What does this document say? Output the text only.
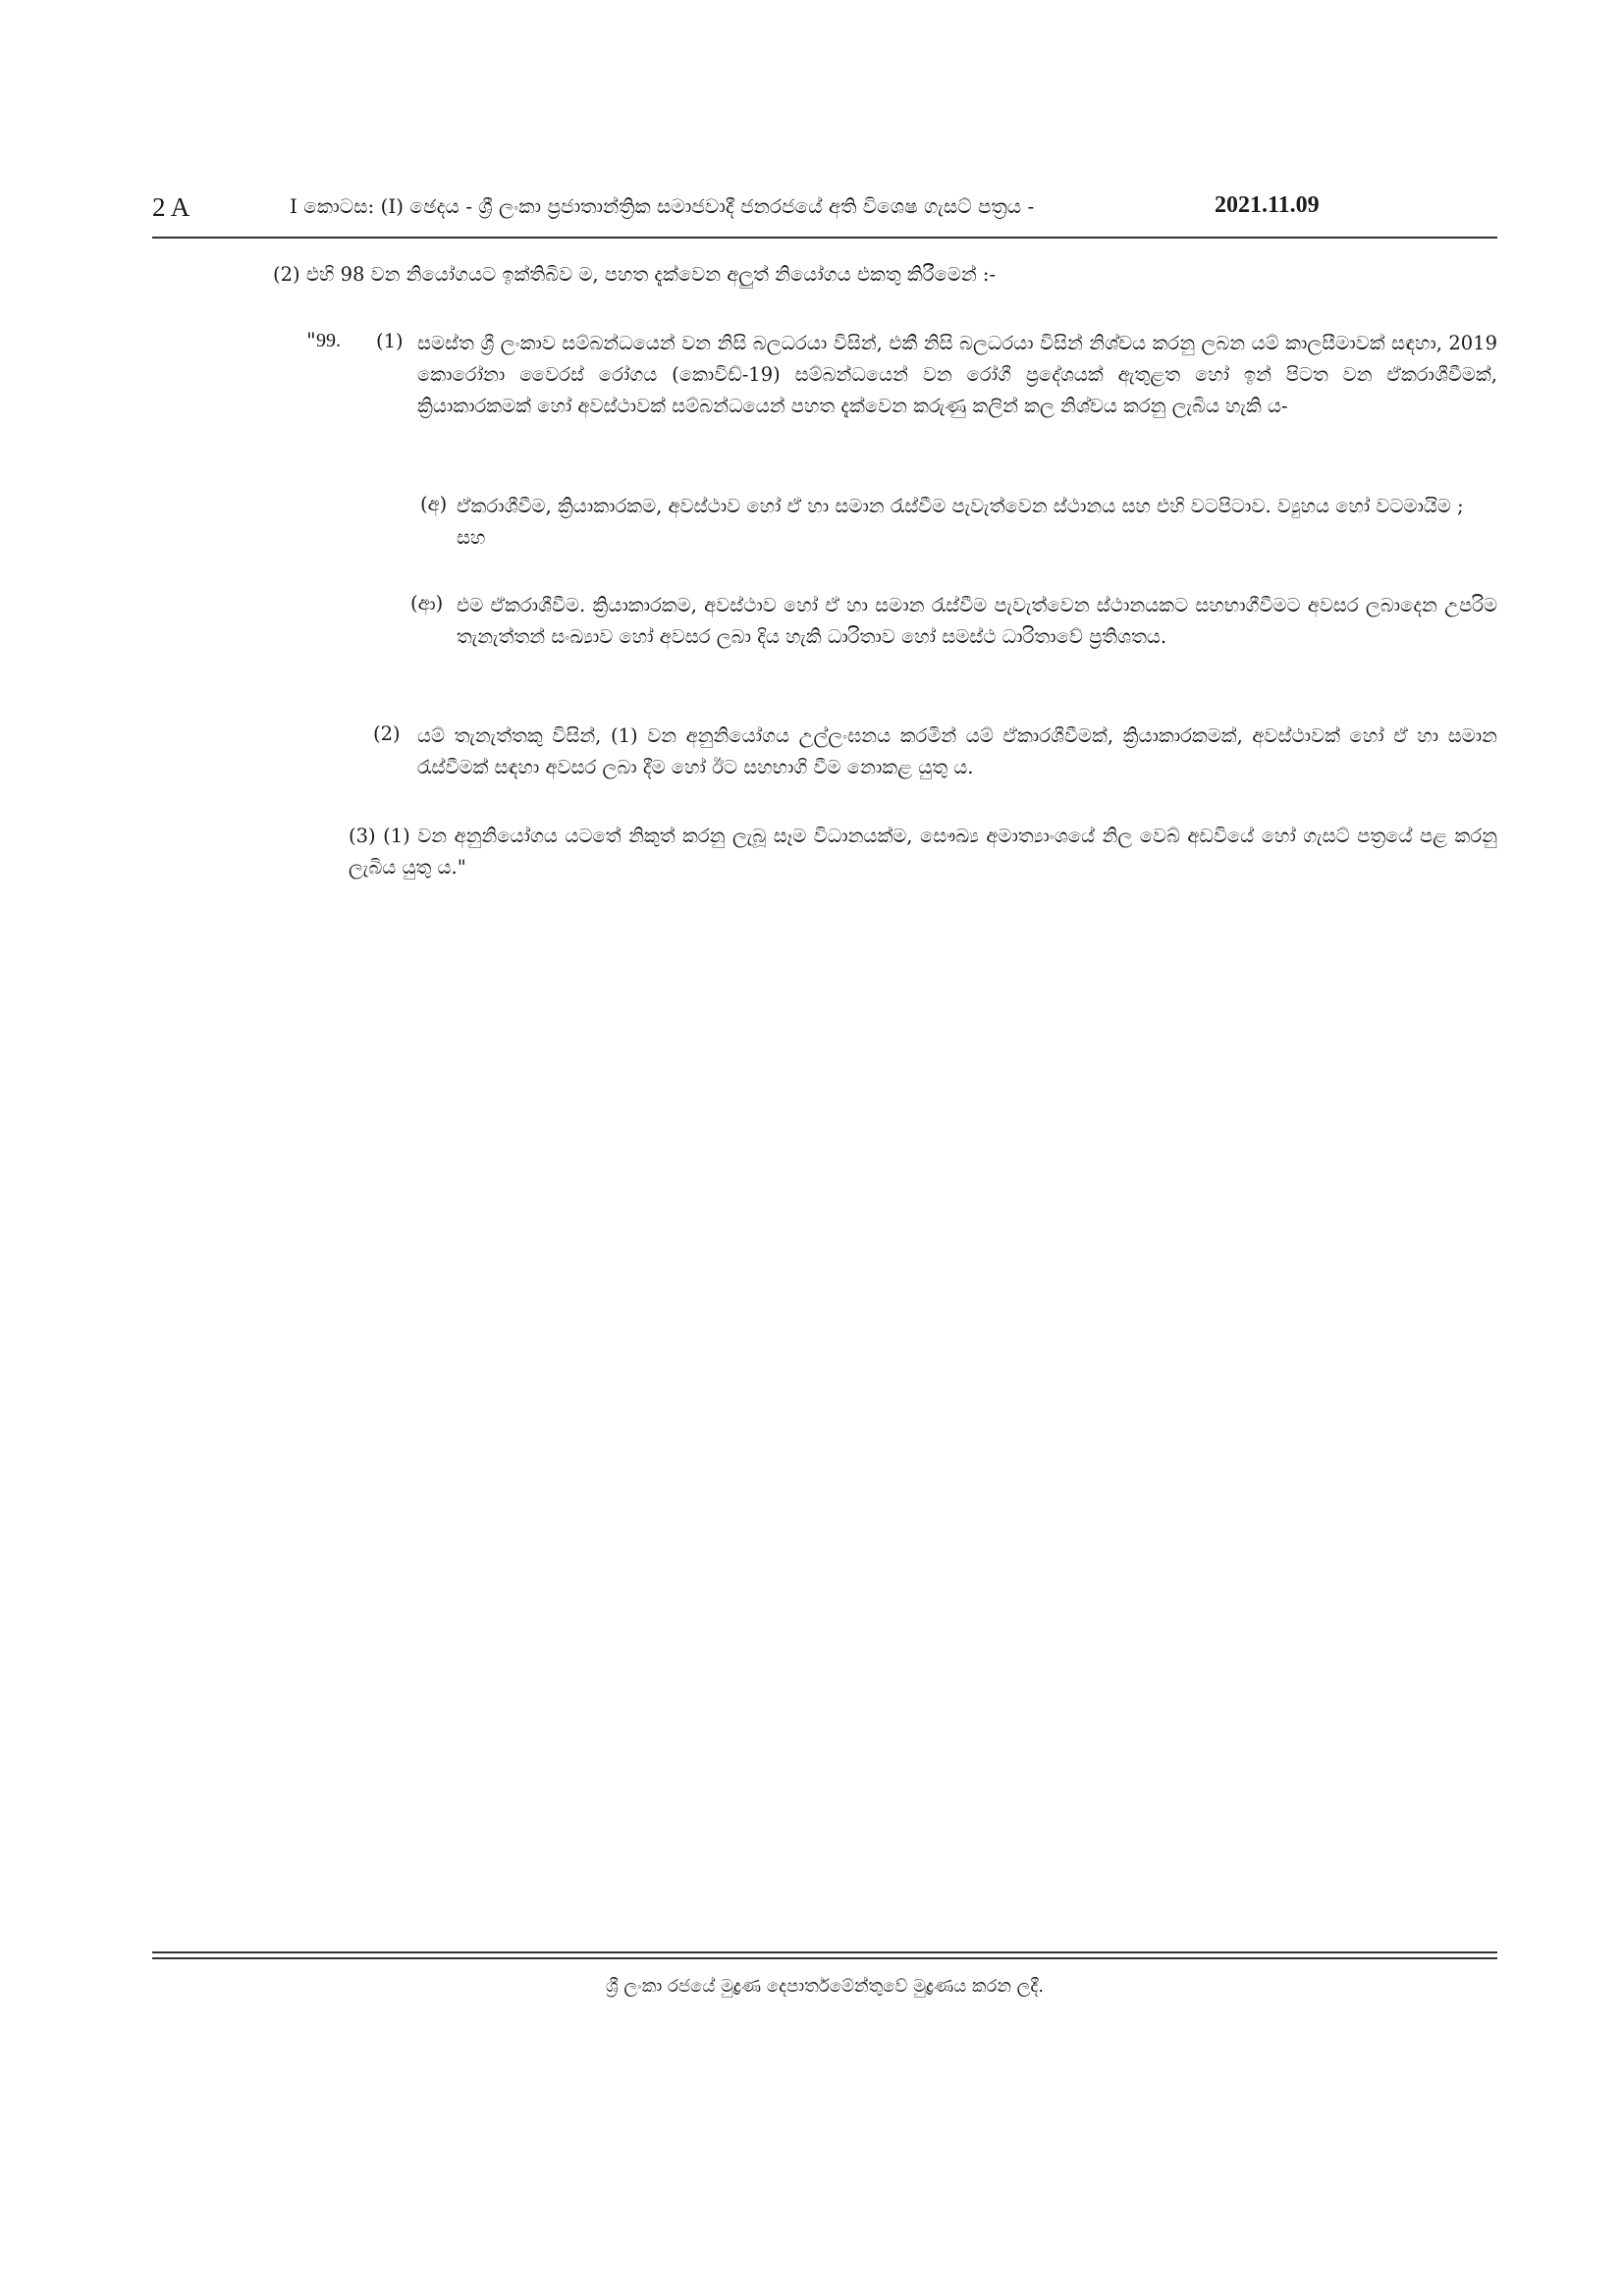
2 A	I කොටස: (I) ඡෙදය - ශ්‍රී ලංකා ප්‍රජාතාන්ත්‍රික සමාජවාදී ජනරජයේ අති විශෙෂ ගැසට් පත්‍රය -	2021.11.09
(2) එහි 98 වන නියෝගයට ඉක්තිබිව ම, පහත දැක්වෙන අලුත් නියෝගය එකතු කිරීමෙන් :-
" 99. (1) සමස්ත ශ්‍රී ලංකාව සම්බන්ධයෙන් වන නිසි බලධරයා විසින්, එකී නිසි බලධරයා විසින් නිශ්චය කරනු ලබන යම් කාලසීමාවක් සඳහා, 2019 කොරෝනා වෛරස් රෝගය (කොවිඩ්-19) සම්බන්ධයෙන් වන රෝගී ප්‍රදේශයක් ඇතුළත හෝ ඉන් පිටත වන ඒකරාශීවීමක්, ක්‍රියාකාරකමක් හෝ අවස්ථාවක් සම්බන්ධයෙන් පහත දැක්වෙන කරුණු කලින් කල නිශ්චය කරනු ලැබිය හැකි ය-
(අ) ඒකරාශීවීම, ක්‍රියාකාරකම, අවස්ථාව හෝ ඒ හා සමාන රැස්වීම පැවැත්වෙන ස්ථානය සහ එහි වටපිටාව. ව්‍යුහය හෝ වටමායිම ; සහ
(ආ) එම ඒකරාශීවීම. ක්‍රියාකාරකම, අවස්ථාව හෝ ඒ හා සමාන රැස්වීම පැවැත්වෙන ස්ථානයකට සහභාගීවීමට අවසර ලබාදෙන උපරිම තැනැත්තන් සංඛ්‍යාව හෝ අවසර ලබා දිය හැකි ධාරිතාව හෝ සමස්ථ ධාරිතාවේ ප්‍රතිශතය.
(2) යම් තැනැත්තකු විසින්, (1) වන අනුනියෝගය උල්ලංඝනය කරමින් යම් ඒකාරශීවීමක්, ක්‍රියාකාරකමක්, අවස්ථාවක් හෝ ඒ හා සමාන රැස්වීමක් සඳහා අවසර ලබා දීම හෝ ඊට සහභාගි වීම නොකළ යුතු ය.
(3) (1) වන අනුනියෝගය යටතේ නිකුත් කරනු ලැබූ සෑම විධානයක්ම, සෞඛ්‍ය අමාත්‍යාංශයේ නිල වෙබ් අඩවියේ හෝ ගැසට් පත්‍රයේ පළ කරනු ලැබිය යුතු ය."
ශ්‍රී ලංකා රජයේ මුද්‍රණ දෙපාර්තමේන්තුවේ මුද්‍රණය කරන ලදී.
